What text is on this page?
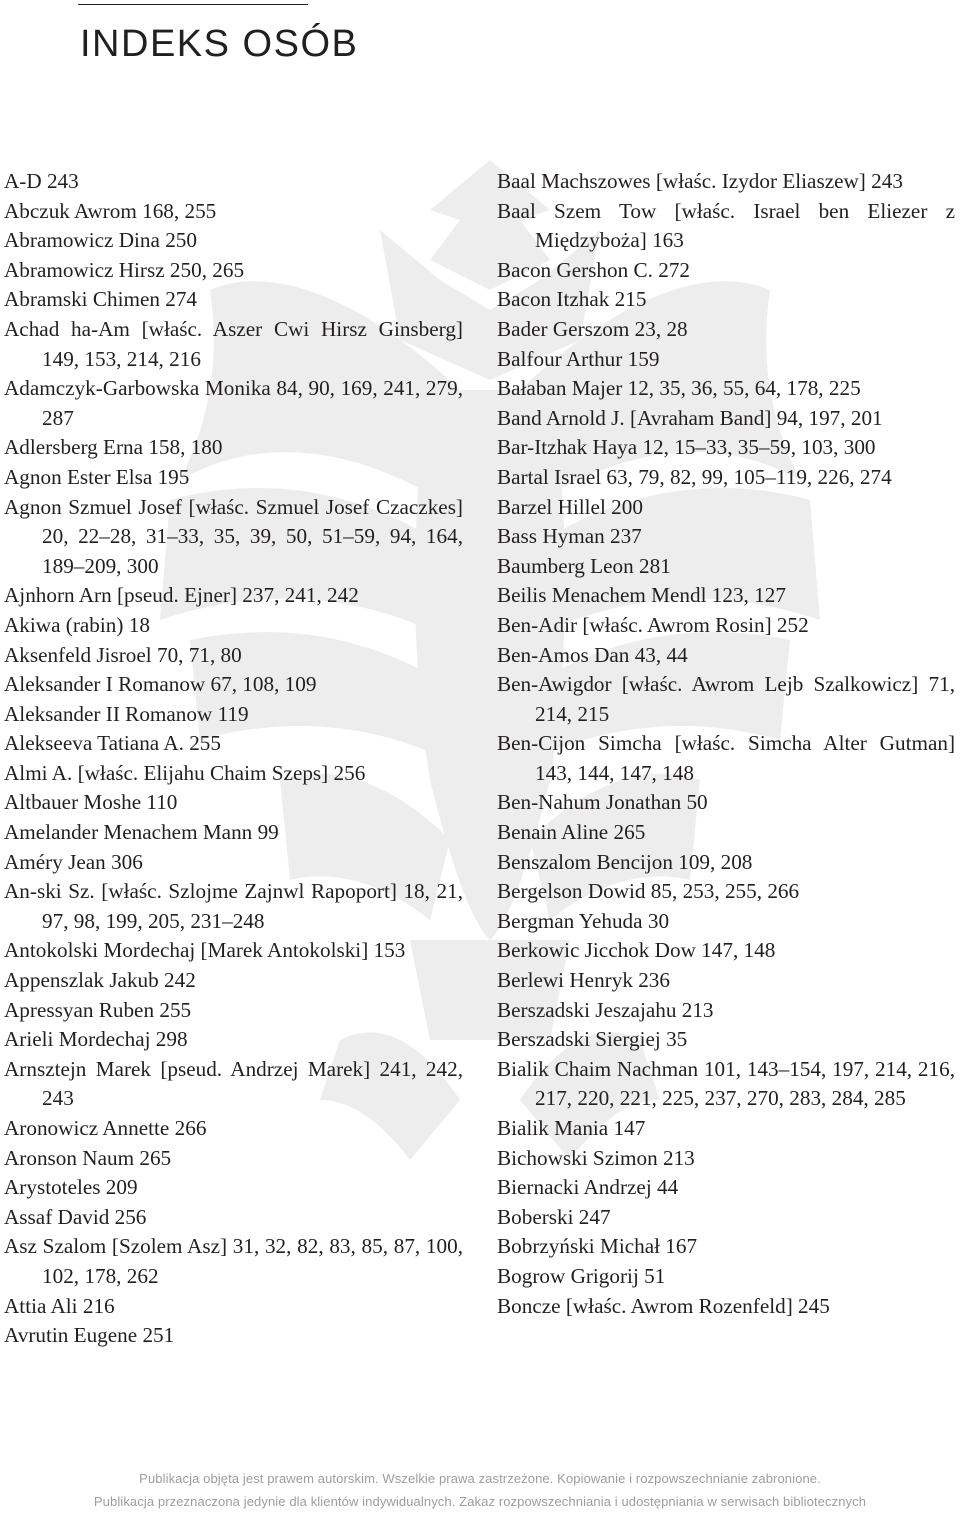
INDEKS OSÓB
A-D 243
Abczuk Awrom 168, 255
Abramowicz Dina 250
Abramowicz Hirsz 250, 265
Abramski Chimen 274
Achad ha-Am [właśc. Aszer Cwi Hirsz Ginsberg] 149, 153, 214, 216
Adamczyk-Garbowska Monika 84, 90, 169, 241, 279, 287
Adlersberg Erna 158, 180
Agnon Ester Elsa 195
Agnon Szmuel Josef [właśc. Szmuel Josef Czaczkes] 20, 22–28, 31–33, 35, 39, 50, 51–59, 94, 164, 189–209, 300
Ajnhorn Arn [pseud. Ejner] 237, 241, 242
Akiwa (rabin) 18
Aksenfeld Jisroel 70, 71, 80
Aleksander I Romanow 67, 108, 109
Aleksander II Romanow 119
Alekseeva Tatiana A. 255
Almi A. [właśc. Elijahu Chaim Szeps] 256
Altbauer Moshe 110
Amelander Menachem Mann 99
Améry Jean 306
An-ski Sz. [właśc. Szlojme Zajnwl Rapoport] 18, 21, 97, 98, 199, 205, 231–248
Antokolski Mordechaj [Marek Antokolski] 153
Appenszlak Jakub 242
Apressyan Ruben 255
Arieli Mordechaj 298
Arnsztejn Marek [pseud. Andrzej Marek] 241, 242, 243
Aronowicz Annette 266
Aronson Naum 265
Arystoteles 209
Assaf David 256
Asz Szalom [Szolem Asz] 31, 32, 82, 83, 85, 87, 100, 102, 178, 262
Attia Ali 216
Avrutin Eugene 251
Baal Machszowes [właśc. Izydor Eliaszew] 243
Baal Szem Tow [właśc. Israel ben Eliezer z Międzyboża] 163
Bacon Gershon C. 272
Bacon Itzhak 215
Bader Gerszom 23, 28
Balfour Arthur 159
Bałaban Majer 12, 35, 36, 55, 64, 178, 225
Band Arnold J. [Avraham Band] 94, 197, 201
Bar-Itzhak Haya 12, 15–33, 35–59, 103, 300
Bartal Israel 63, 79, 82, 99, 105–119, 226, 274
Barzel Hillel 200
Bass Hyman 237
Baumberg Leon 281
Beilis Menachem Mendl 123, 127
Ben-Adir [właśc. Awrom Rosin] 252
Ben-Amos Dan 43, 44
Ben-Awigdor [właśc. Awrom Lejb Szalkowicz] 71, 214, 215
Ben-Cijon Simcha [właśc. Simcha Alter Gutman] 143, 144, 147, 148
Ben-Nahum Jonathan 50
Benain Aline 265
Benszalom Bencijon 109, 208
Bergelson Dowid 85, 253, 255, 266
Bergman Yehuda 30
Berkowic Jicchok Dow 147, 148
Berlewi Henryk 236
Berszadski Jeszajahu 213
Berszadski Siergiej 35
Bialik Chaim Nachman 101, 143–154, 197, 214, 216, 217, 220, 221, 225, 237, 270, 283, 284, 285
Bialik Mania 147
Bichowski Szimon 213
Biernacki Andrzej 44
Boberski 247
Bobrzyński Michał 167
Bogrow Grigorij 51
Boncze [właśc. Awrom Rozenfeld] 245
Publikacja objęta jest prawem autorskim. Wszelkie prawa zastrzeżone. Kopiowanie i rozpowszechnianie zabronione.
Publikacja przeznaczona jedynie dla klientów indywidualnych. Zakaz rozpowszechniania i udostępniania w serwisach bibliotecznych
